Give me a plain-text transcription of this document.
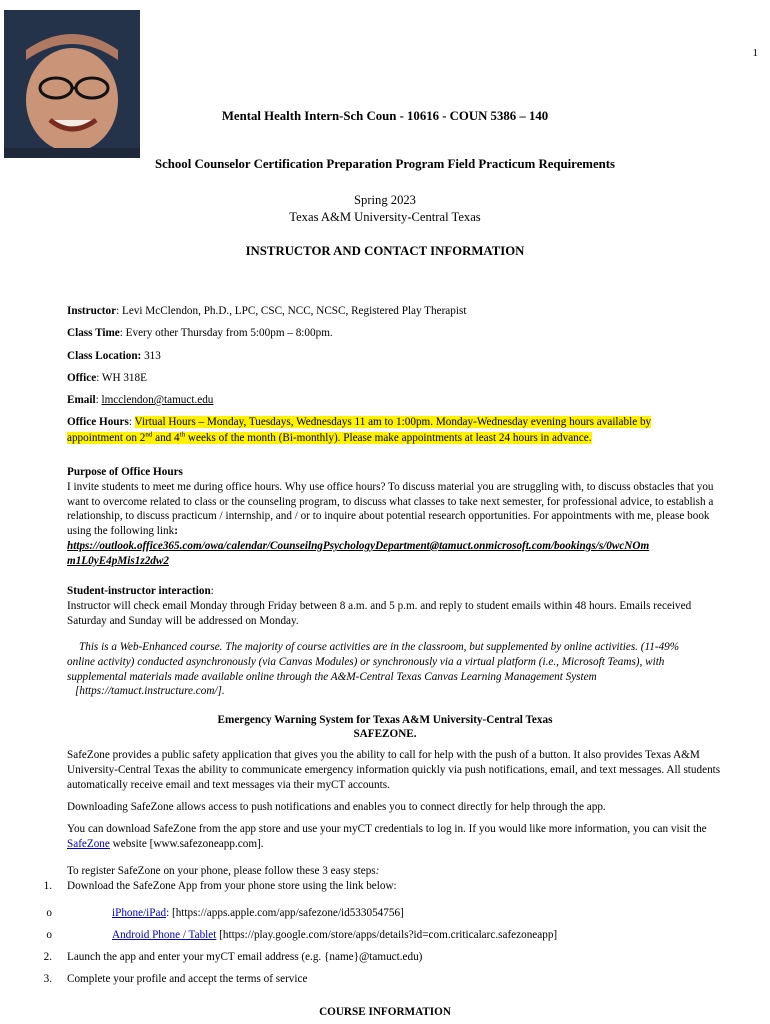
1
Mental Health Intern-Sch Coun - 10616 - COUN 5386 – 140
School Counselor Certification Preparation Program Field Practicum Requirements
Spring 2023
Texas A&M University-Central Texas
INSTRUCTOR AND CONTACT INFORMATION
Instructor: Levi McClendon, Ph.D., LPC, CSC, NCC, NCSC, Registered Play Therapist
Class Time: Every other Thursday from 5:00pm – 8:00pm.
Class Location: 313
Office: WH 318E
Email: lmcclendon@tamuct.edu
Office Hours: Virtual Hours – Monday, Tuesdays, Wednesdays 11 am to 1:00pm. Monday-Wednesday evening hours available by
appointment on 2nd and 4th weeks of the month (Bi-monthly). Please make appointments at least 24 hours in advance.
Purpose of Office Hours
I invite students to meet me during office hours. Why use office hours? To discuss material you are struggling with, to discuss obstacles that you want to overcome related to class or the counseling program, to discuss what classes to take next semester, for professional advice, to establish a relationship, to discuss practicum / internship, and / or to inquire about potential research opportunities. For appointments with me, please book using the following link:
https://outlook.office365.com/owa/calendar/CounseilngPsychologyDepartment@tamuct.onmicrosoft.com/bookings/s/0wcNOm
m1L0yE4pMis1z2dw2
Student-instructor interaction:
Instructor will check email Monday through Friday between 8 a.m. and 5 p.m. and reply to student emails within 48 hours. Emails received Saturday and Sunday will be addressed on Monday.
This is a Web-Enhanced course. The majority of course activities are in the classroom, but supplemented by online activities. (11-49%
online activity) conducted asynchronously (via Canvas Modules) or synchronously via a virtual platform (i.e., Microsoft Teams), with
supplemental materials made available online through the A&M-Central Texas Canvas Learning Management System
[https://tamuct.instructure.com/].
Emergency Warning System for Texas A&M University-Central Texas
SAFEZONE.
SafeZone provides a public safety application that gives you the ability to call for help with the push of a button. It also provides Texas A&M University-Central Texas the ability to communicate emergency information quickly via push notifications, email, and text messages. All students automatically receive email and text messages via their myCT accounts.
Downloading SafeZone allows access to push notifications and enables you to connect directly for help through the app.
You can download SafeZone from the app store and use your myCT credentials to log in. If you would like more information, you can visit the SafeZone website [www.safezoneapp.com].
To register SafeZone on your phone, please follow these 3 easy steps:
1. Download the SafeZone App from your phone store using the link below:
o	iPhone/iPad: [https://apps.apple.com/app/safezone/id533054756]
o	Android Phone / Tablet [https://play.google.com/store/apps/details?id=com.criticalarc.safezoneapp]
2. Launch the app and enter your myCT email address (e.g. {name}@tamuct.edu)
3. Complete your profile and accept the terms of service
COURSE INFORMATION
